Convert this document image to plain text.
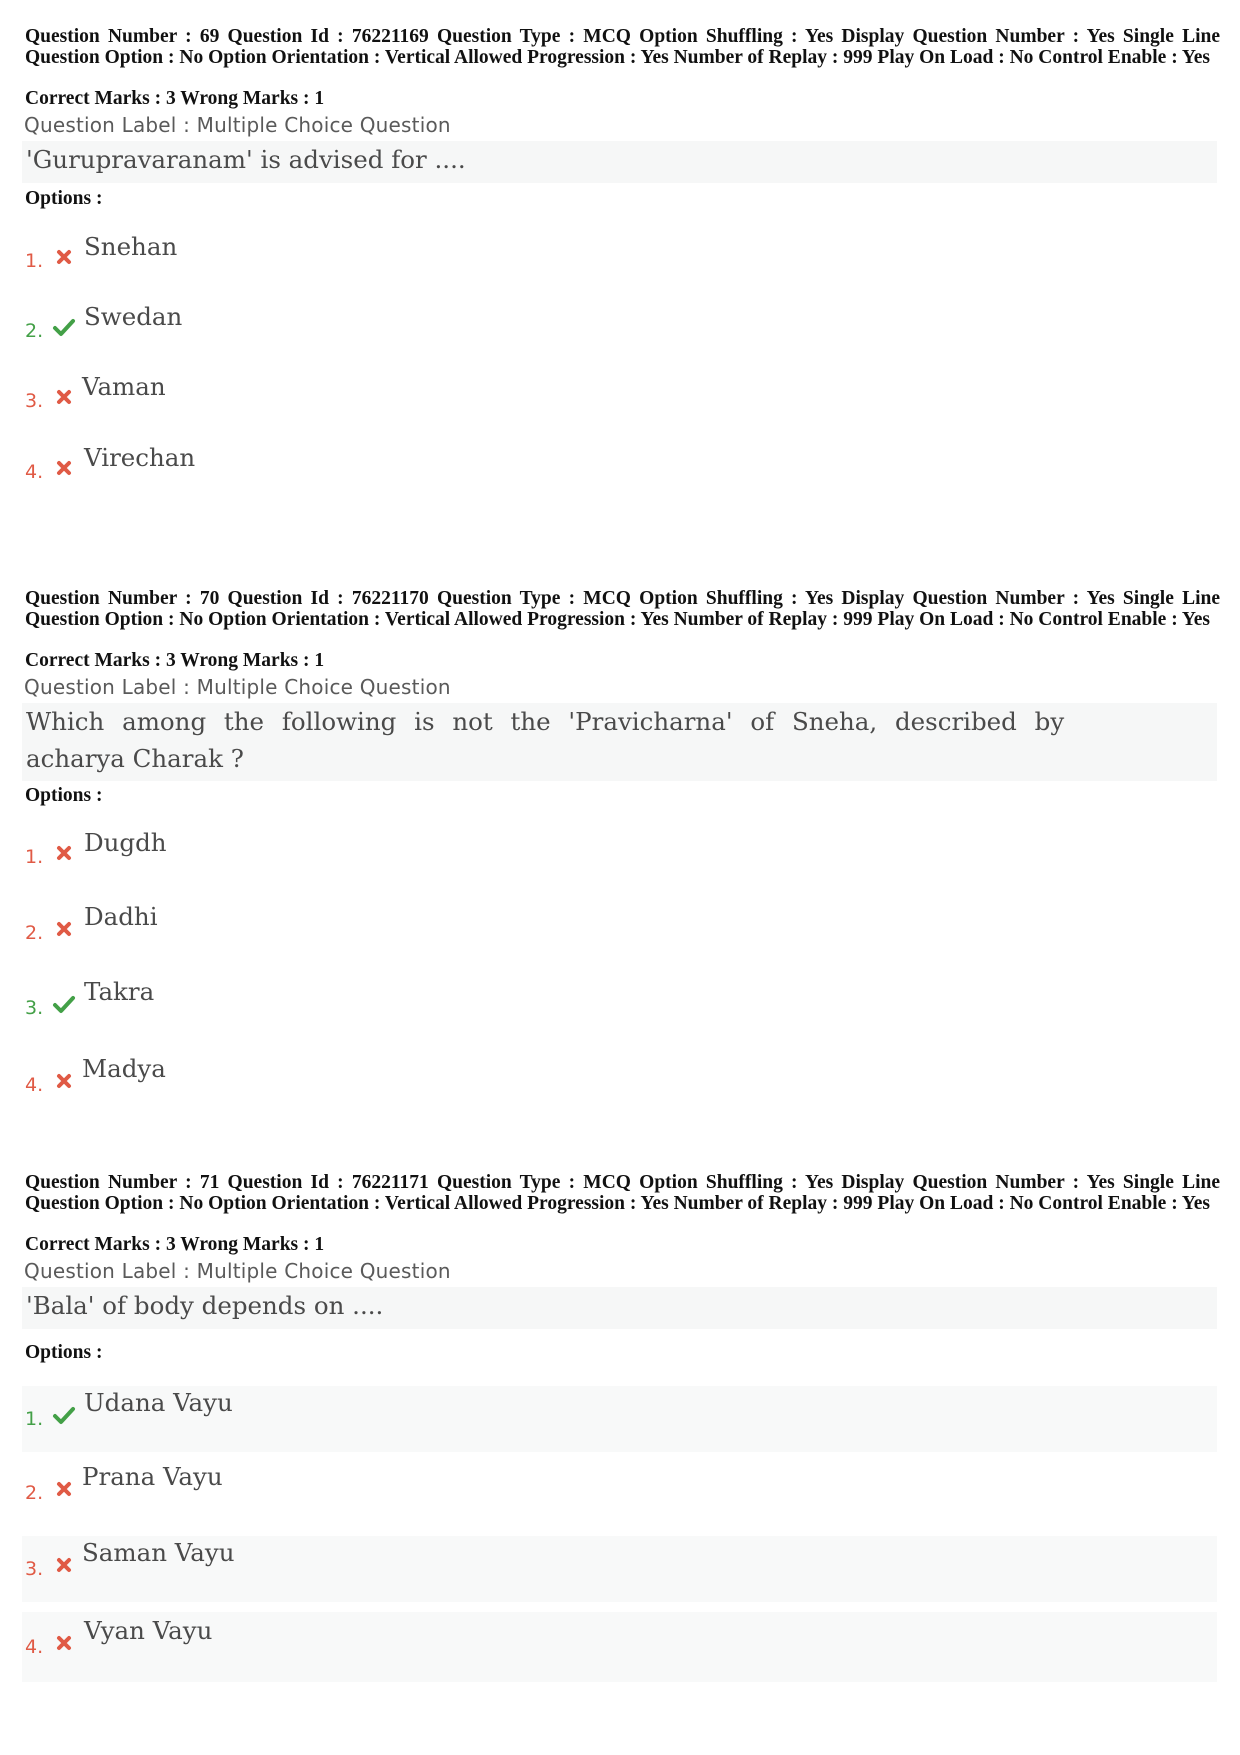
Question Number : 69 Question Id : 76221169 Question Type : MCQ Option Shuffling : Yes Display Question Number : Yes Single Line Question Option : No Option Orientation : Vertical Allowed Progression : Yes Number of Replay : 999 Play On Load : No Control Enable : Yes
Correct Marks : 3 Wrong Marks : 1
Question Label : Multiple Choice Question
'Gurupravaranam' is advised for ....
Options :
1. Snehan
2. Swedan
3. Vaman
4. Virechan
Question Number : 70 Question Id : 76221170 Question Type : MCQ Option Shuffling : Yes Display Question Number : Yes Single Line Question Option : No Option Orientation : Vertical Allowed Progression : Yes Number of Replay : 999 Play On Load : No Control Enable : Yes
Correct Marks : 3 Wrong Marks : 1
Question Label : Multiple Choice Question
Which among the following is not the 'Pravicharna' of Sneha, described by
acharya Charak ?
Options :
1. Dugdh
2.
Dadhi
3.
Takra
4.
Madya
Question Number : 71 Question Id : 76221171 Question Type : MCQ Option Shuffling : Yes Display Question Number : Yes Single Line Question Option : No Option Orientation : Vertical Allowed Progression : Yes Number of Replay : 999 Play On Load : No Control Enable : Yes
Correct Marks : 3 Wrong Marks : 1
Question Label : Multiple Choice Question
'Bala' of body depends on ....
Options :
1.
Udana Vayu
2.
Prana Vayu
3.
Saman Vayu
4.
Vyan Vayu
